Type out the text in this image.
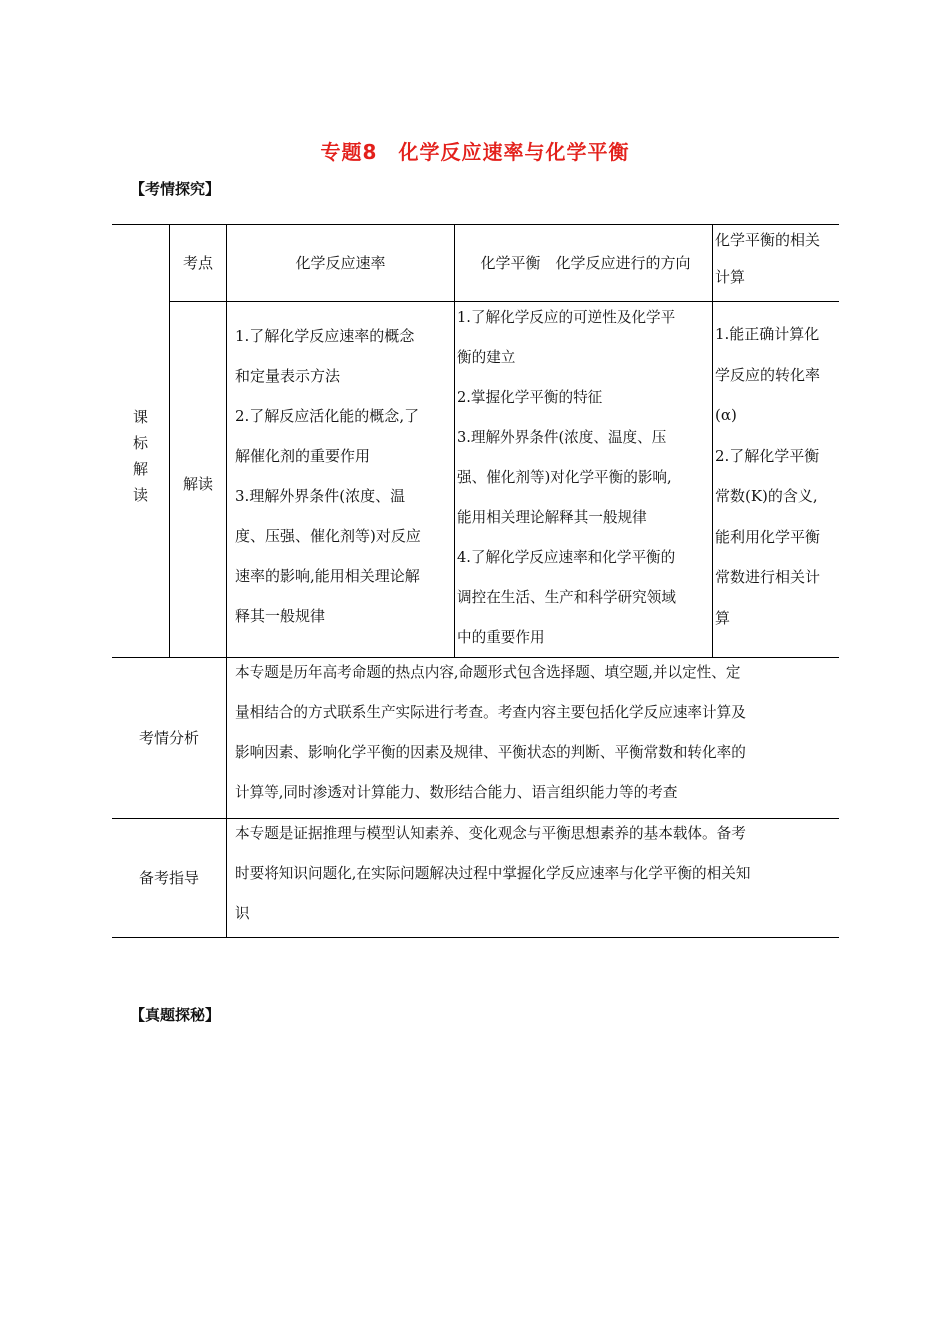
专题8　化学反应速率与化学平衡
【考情探究】
课
标
解
读
考点	化学反应速率	化学平衡　化学反应进行的方向
化学平衡的相关
计算
解读
1.了解化学反应速率的概念
和定量表示方法
2.了解反应活化能的概念,了
解催化剂的重要作用
3.理解外界条件(浓度、温
度、压强、催化剂等)对反应
速率的影响,能用相关理论解
释其一般规律
1.了解化学反应的可逆性及化学平
衡的建立
2.掌握化学平衡的特征
3.理解外界条件(浓度、温度、压
强、催化剂等)对化学平衡的影响,
能用相关理论解释其一般规律
4.了解化学反应速率和化学平衡的
调控在生活、生产和科学研究领域
中的重要作用
1.能正确计算化
学反应的转化率
(α)
2.了解化学平衡
常数(K)的含义,
能利用化学平衡
常数进行相关计
算
考情分析
本专题是历年高考命题的热点内容,命题形式包含选择题、填空题,并以定性、定
量相结合的方式联系生产实际进行考查。考查内容主要包括化学反应速率计算及
影响因素、影响化学平衡的因素及规律、平衡状态的判断、平衡常数和转化率的
计算等,同时渗透对计算能力、数形结合能力、语言组织能力等的考查
备考指导
本专题是证据推理与模型认知素养、变化观念与平衡思想素养的基本载体。备考
时要将知识问题化,在实际问题解决过程中掌握化学反应速率与化学平衡的相关知
识
【真题探秘】
